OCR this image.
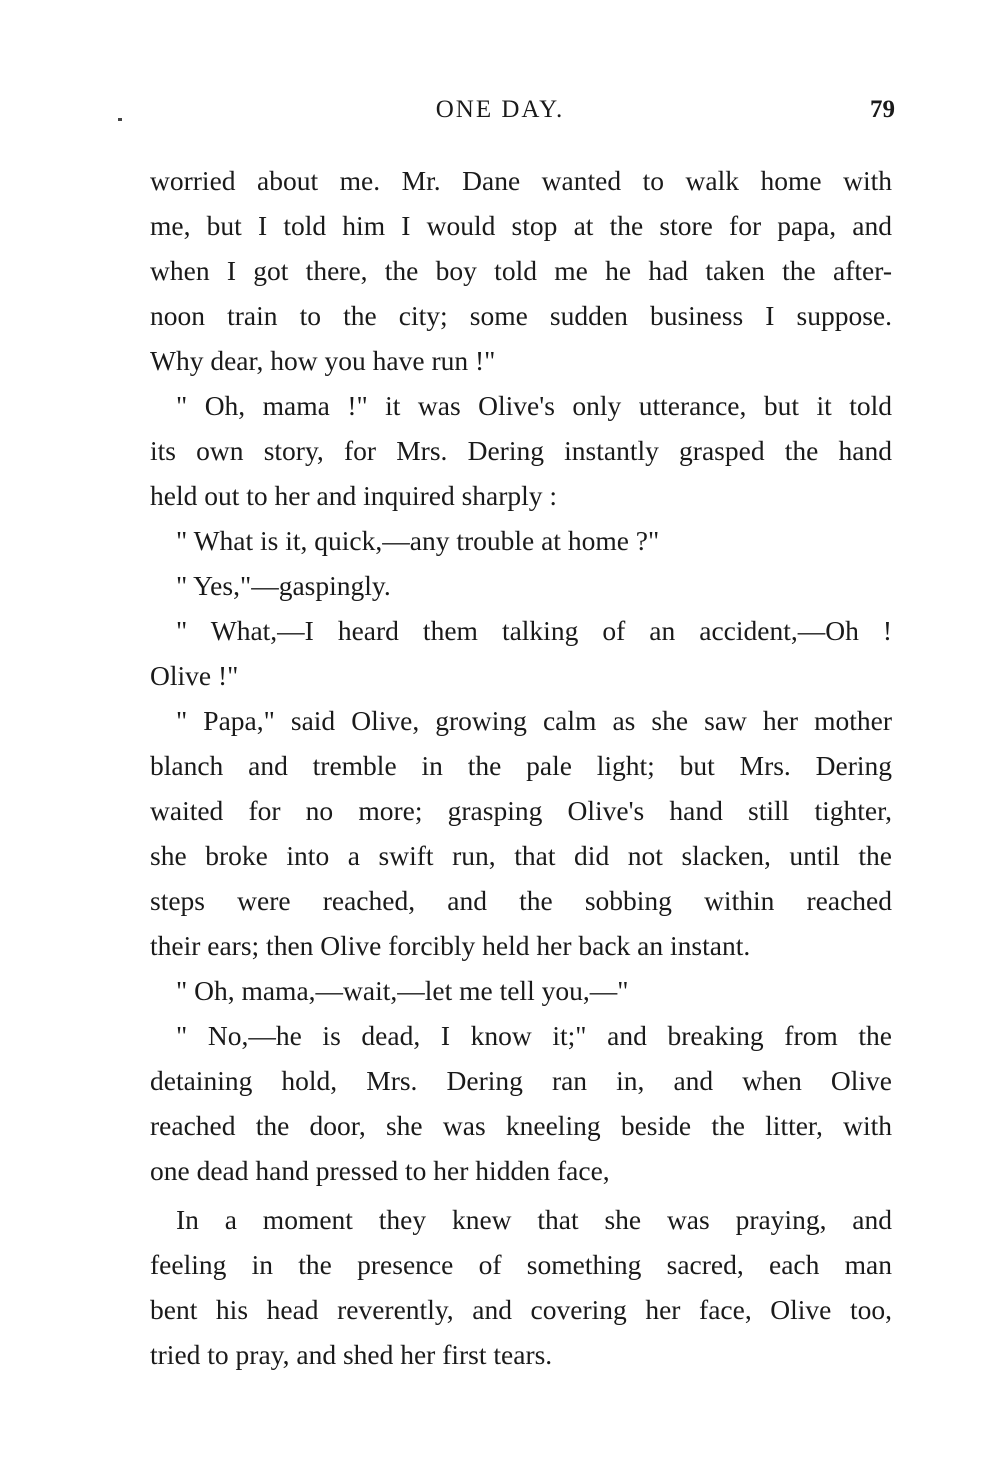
ONE DAY.	79
worried about me. Mr. Dane wanted to walk home with
me, but I told him I would stop at the store for papa, and
when I got there, the boy told me he had taken the after-
noon train to the city; some sudden business I suppose.
Why dear, how you have run !"
" Oh, mama !" it was Olive's only utterance, but it told
its own story, for Mrs. Dering instantly grasped the hand
held out to her and inquired sharply :
" What is it, quick,—any trouble at home ?"
" Yes,"—gaspingly.
" What,—I heard them talking of an accident,—Oh !
Olive !"
" Papa," said Olive, growing calm as she saw her mother
blanch and tremble in the pale light; but Mrs. Dering
waited for no more; grasping Olive's hand still tighter,
she broke into a swift run, that did not slacken, until the
steps were reached, and the sobbing within reached
their ears; then Olive forcibly held her back an instant.
" Oh, mama,—wait,—let me tell you,—"
" No,—he is dead, I know it;" and breaking from the
detaining hold, Mrs. Dering ran in, and when Olive
reached the door, she was kneeling beside the litter, with
one dead hand pressed to her hidden face,
In a moment they knew that she was praying, and
feeling in the presence of something sacred, each man
bent his head reverently, and covering her face, Olive too,
tried to pray, and shed her first tears.
